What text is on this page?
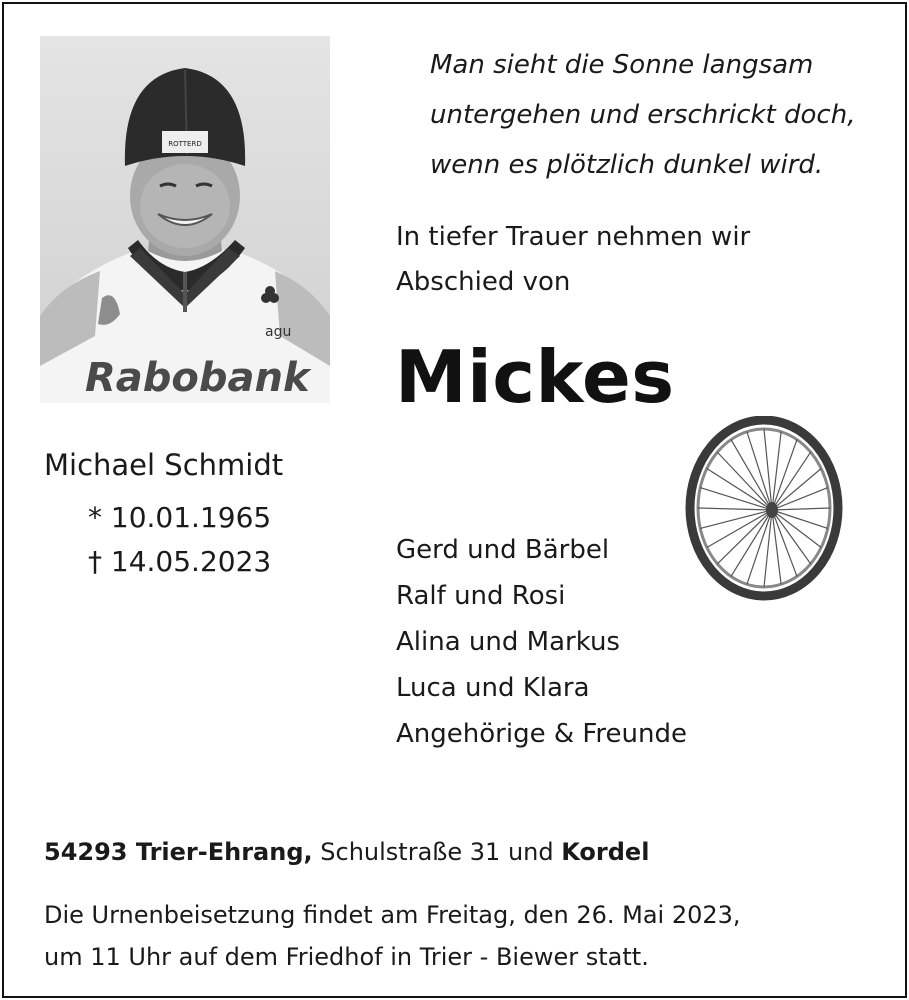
ROTTERD
agu
Rabobank
Man sieht die Sonne langsam
untergehen und erschrickt doch,
wenn es plötzlich dunkel wird.
In tiefer Trauer nehmen wir
Abschied von
Mickes
Michael Schmidt
* 10.01.1965
† 14.05.2023	Gerd und Bärbel
Ralf und Rosi
Alina und Markus
Luca und Klara
Angehörige & Freunde
54293 Trier-Ehrang, Schulstraße 31 und Kordel
Die Urnenbeisetzung findet am Freitag, den 26. Mai 2023,
um 11 Uhr auf dem Friedhof in Trier - Biewer statt.
